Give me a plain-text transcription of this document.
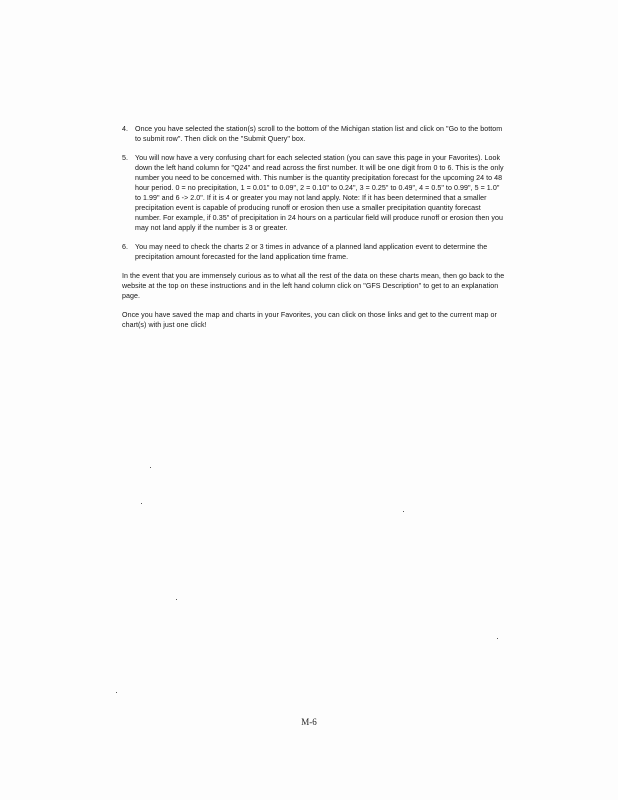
4. Once you have selected the station(s) scroll to the bottom of the Michigan station list and click on "Go to the bottom to submit row". Then click on the "Submit Query" box.
5. You will now have a very confusing chart for each selected station (you can save this page in your Favorites). Look down the left hand column for "Q24" and read across the first number. It will be one digit from 0 to 6. This is the only number you need to be concerned with. This number is the quantity precipitation forecast for the upcoming 24 to 48 hour period. 0 = no precipitation, 1 = 0.01" to 0.09", 2 = 0.10" to 0.24", 3 = 0.25" to 0.49", 4 = 0.5" to 0.99", 5 = 1.0" to 1.99" and 6 -> 2.0". If it is 4 or greater you may not land apply. Note: If it has been determined that a smaller precipitation event is capable of producing runoff or erosion then use a smaller precipitation quantity forecast number. For example, if 0.35" of precipitation in 24 hours on a particular field will produce runoff or erosion then you may not land apply if the number is 3 or greater.
6. You may need to check the charts 2 or 3 times in advance of a planned land application event to determine the precipitation amount forecasted for the land application time frame.

In the event that you are immensely curious as to what all the rest of the data on these charts mean, then go back to the website at the top on these instructions and in the left hand column click on "GFS Description" to get to an explanation page.

Once you have saved the map and charts in your Favorites, you can click on those links and get to the current map or chart(s) with just one click!

M-6
